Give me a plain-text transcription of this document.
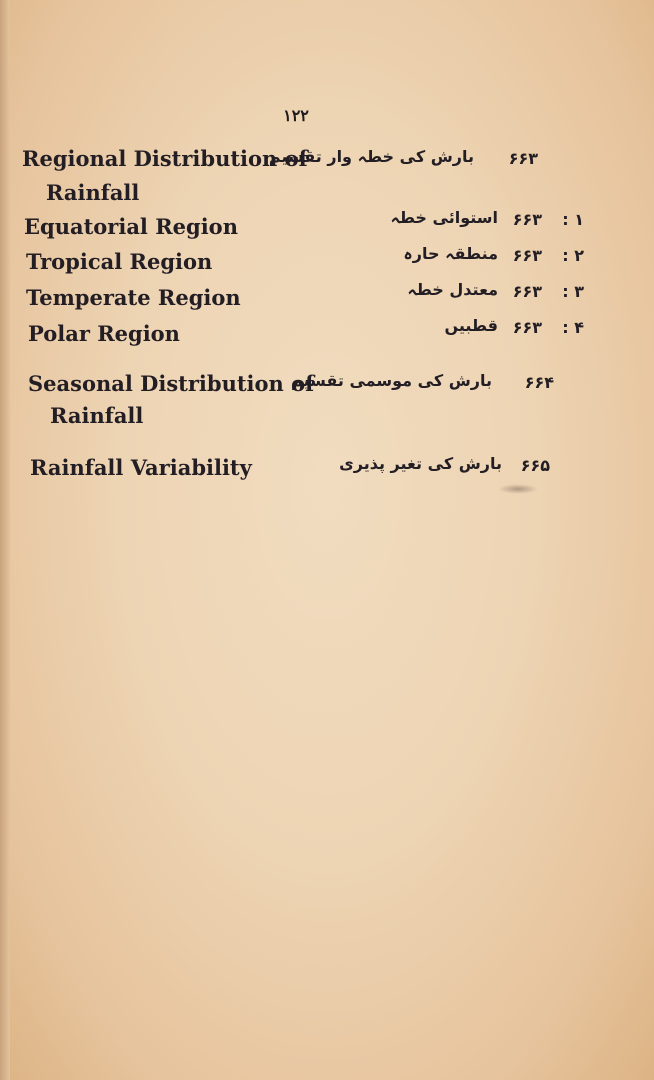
۱۲۲
Regional Distribution of
Rainfall
بارش کی خطہ وار تقسیم ۶۶۳
Equatorial Region	استوائی خطہ ۶۶۳ ۱ :
Tropical Region	منطقہ حارہ ۶۶۳ ۲ :
Temperate Region	معتدل خطہ ۶۶۳ ۳ :
Polar Region	قطبیں ۶۶۳ ۴ :
Seasonal Distribution of
Rainfall
بارش کی موسمی تقسیم ۶۶۴
Rainfall Variability	بارش کی تغیر پذیری ۶۶۵
